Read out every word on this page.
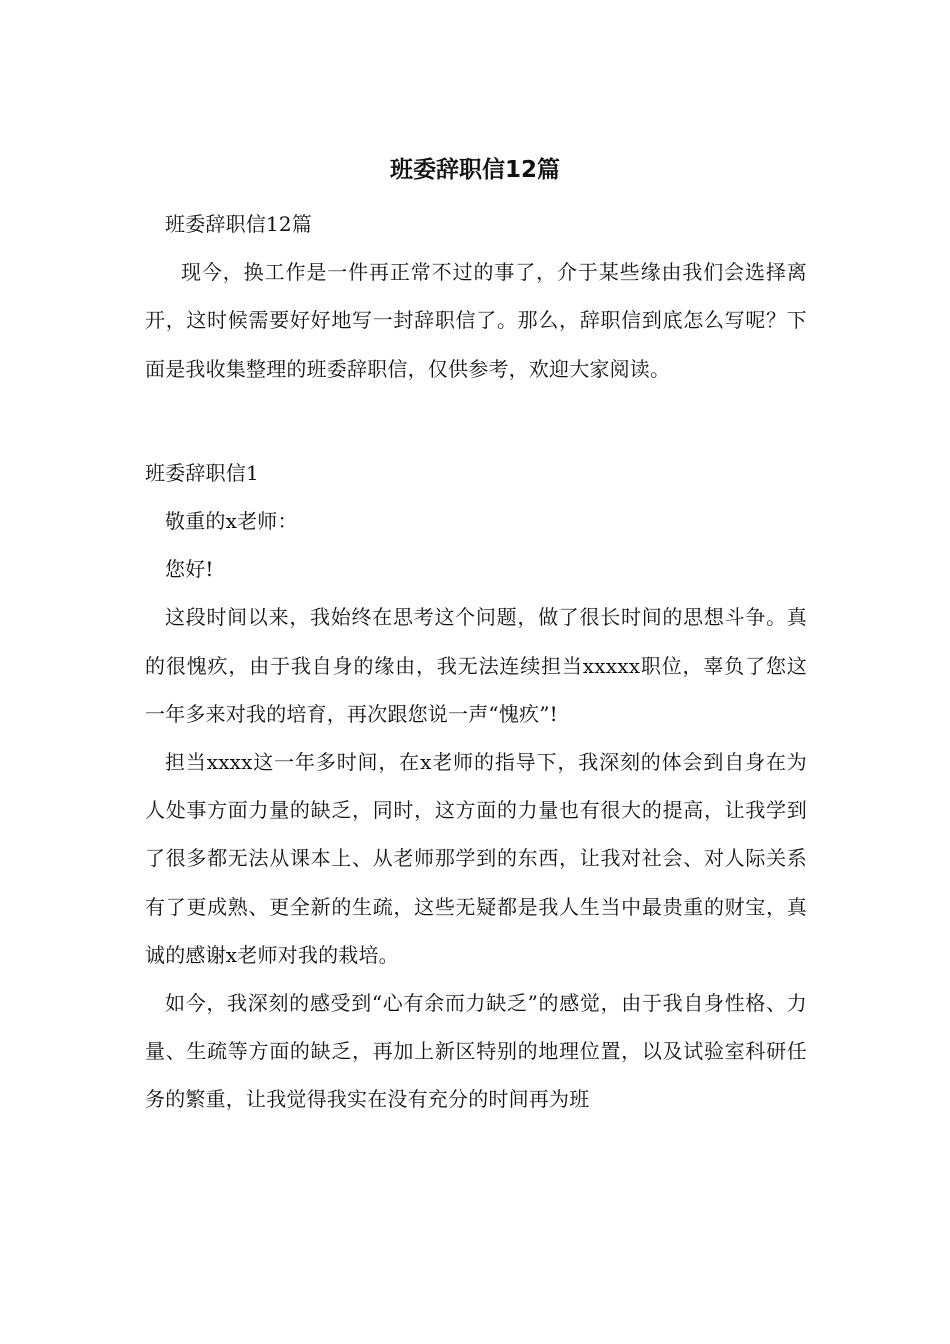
班委辞职信12篇

班委辞职信12篇

现今，换工作是一件再正常不过的事了，介于某些缘由我们会选择离开，这时候需要好好地写一封辞职信了。那么，辞职信到底怎么写呢？下面是我收集整理的班委辞职信，仅供参考，欢迎大家阅读。

班委辞职信1

敬重的x老师：

您好!

这段时间以来，我始终在思考这个问题，做了很长时间的思想斗争。真的很愧疚，由于我自身的缘由，我无法连续担当xxxxx职位，辜负了您这一年多来对我的培育，再次跟您说一声“愧疚”!

担当xxxx这一年多时间，在x老师的指导下，我深刻的体会到自身在为人处事方面力量的缺乏，同时，这方面的力量也有很大的提高，让我学到了很多都无法从课本上、从老师那学到的东西，让我对社会、对人际关系有了更成熟、更全新的生疏，这些无疑都是我人生当中最贵重的财宝，真诚的感谢x老师对我的栽培。

如今，我深刻的感受到“心有余而力缺乏”的感觉，由于我自身性格、力量、生疏等方面的缺乏，再加上新区特别的地理位置，以及试验室科研任务的繁重，让我觉得我实在没有充分的时间再为班
